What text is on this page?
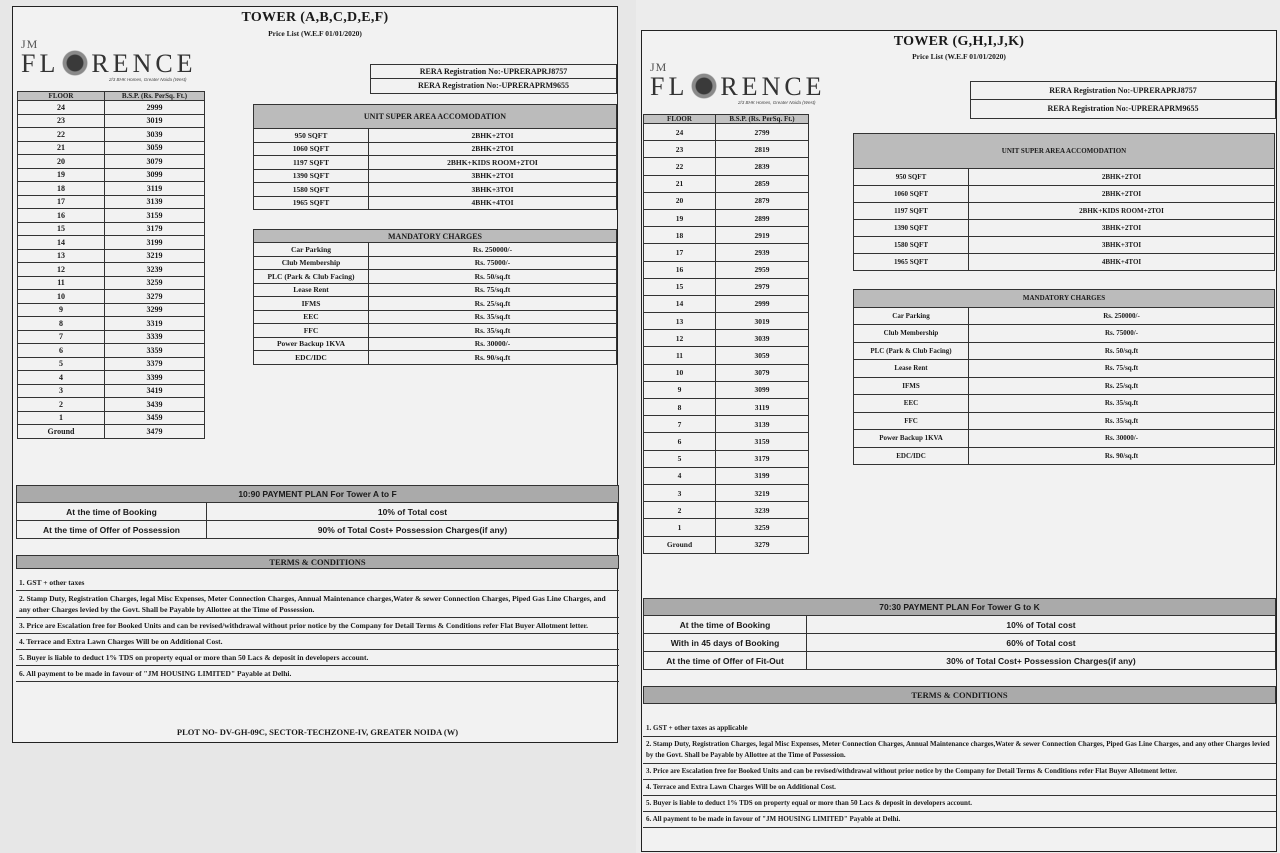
TOWER (A,B,C,D,E,F)
Price List (W.E.F 01/01/2020)
JM
FL RENCE
2/3 BHK Homes, Greater Noida (West)
RERA Registration No:-UPRERAPRJ8757
RERA Registration No:-UPRERAPRM9655
FLOOR	B.S.P. (Rs. PerSq. Ft.)
24	2999
23	3019
22	3039
21	3059
20	3079
19	3099
18	3119
17	3139
16	3159
15	3179
14	3199
13	3219
12	3239
11	3259
10	3279
9	3299
8	3319
7	3339
6	3359
5	3379
4	3399
3	3419
2	3439
1	3459
Ground	3479
UNIT SUPER AREA ACCOMODATION	
950 SQFT	2BHK+2TOI
1060 SQFT	2BHK+2TOI
1197 SQFT	2BHK+KIDS ROOM+2TOI
1390 SQFT	3BHK+2TOI
1580 SQFT	3BHK+3TOI
1965 SQFT	4BHK+4TOI
MANDATORY CHARGES	
Car Parking	Rs. 250000/-
Club Membership	Rs. 75000/-
PLC (Park & Club Facing)	Rs. 50/sq.ft
Lease Rent	Rs. 75/sq.ft
IFMS	Rs. 25/sq.ft
EEC	Rs. 35/sq.ft
FFC	Rs. 35/sq.ft
Power Backup 1KVA	Rs. 30000/-
EDC/IDC	Rs. 90/sq.ft
10:90 PAYMENT PLAN For Tower A to F	
At the time of Booking	10% of Total cost
At the time of Offer of Possession	90% of Total Cost+ Possession Charges(if any)
TERMS & CONDITIONS
1. GST + other taxes
2. Stamp Duty, Registration Charges, legal Misc Expenses, Meter Connection Charges, Annual Maintenance charges,Water & sewer Connection Charges, Piped Gas Line Charges, and any other Charges levied by the Govt. Shall be Payable by Allottee at the Time of Possession.
3. Price are Escalation free for Booked Units and can be revised/withdrawal without prior notice by the Company for Detail Terms & Conditions refer Flat Buyer Allotment letter.
4. Terrace and Extra Lawn Charges Will be on Additional Cost.
5. Buyer is liable to deduct 1% TDS on property equal or more than 50 Lacs & deposit in developers account.
6. All payment to be made in favour of "JM HOUSING LIMITED" Payable at Delhi.
PLOT NO- DV-GH-09C, SECTOR-TECHZONE-IV, GREATER NOIDA (W)
TOWER (G,H,I,J,K)
Price List (W.E.F 01/01/2020)
JM
FL RENCE
2/3 BHK Homes, Greater Noida (West)
RERA Registration No:-UPRERAPRJ8757
RERA Registration No:-UPRERAPRM9655
FLOOR	B.S.P. (Rs. PerSq. Ft.)
24	2799
23	2819
22	2839
21	2859
20	2879
19	2899
18	2919
17	2939
16	2959
15	2979
14	2999
13	3019
12	3039
11	3059
10	3079
9	3099
8	3119
7	3139
6	3159
5	3179
4	3199
3	3219
2	3239
1	3259
Ground	3279
UNIT SUPER AREA ACCOMODATION	
950 SQFT	2BHK+2TOI
1060 SQFT	2BHK+2TOI
1197 SQFT	2BHK+KIDS ROOM+2TOI
1390 SQFT	3BHK+2TOI
1580 SQFT	3BHK+3TOI
1965 SQFT	4BHK+4TOI
MANDATORY CHARGES	
Car Parking	Rs. 250000/-
Club Membership	Rs. 75000/-
PLC (Park & Club Facing)	Rs. 50/sq.ft
Lease Rent	Rs. 75/sq.ft
IFMS	Rs. 25/sq.ft
EEC	Rs. 35/sq.ft
FFC	Rs. 35/sq.ft
Power Backup 1KVA	Rs. 30000/-
EDC/IDC	Rs. 90/sq.ft
70:30 PAYMENT PLAN For Tower G to K	
At the time of Booking	10% of Total cost
With in 45 days of Booking	60% of Total cost
At the time of Offer of Fit-Out	30% of Total Cost+ Possession Charges(if any)
TERMS & CONDITIONS
1. GST + other taxes as applicable
2. Stamp Duty, Registration Charges, legal Misc Expenses, Meter Connection Charges, Annual Maintenance charges,Water & sewer Connection Charges, Piped Gas Line Charges, and any other Charges levied by the Govt. Shall be Payable by Allottee at the Time of Possession.
3. Price are Escalation free for Booked Units and can be revised/withdrawal without prior notice by the Company for Detail Terms & Conditions refer Flat Buyer Allotment letter.
4. Terrace and Extra Lawn Charges Will be on Additional Cost.
5. Buyer is liable to deduct 1% TDS on property equal or more than 50 Lacs & deposit in developers account.
6. All payment to be made in favour of "JM HOUSING LIMITED" Payable at Delhi.
